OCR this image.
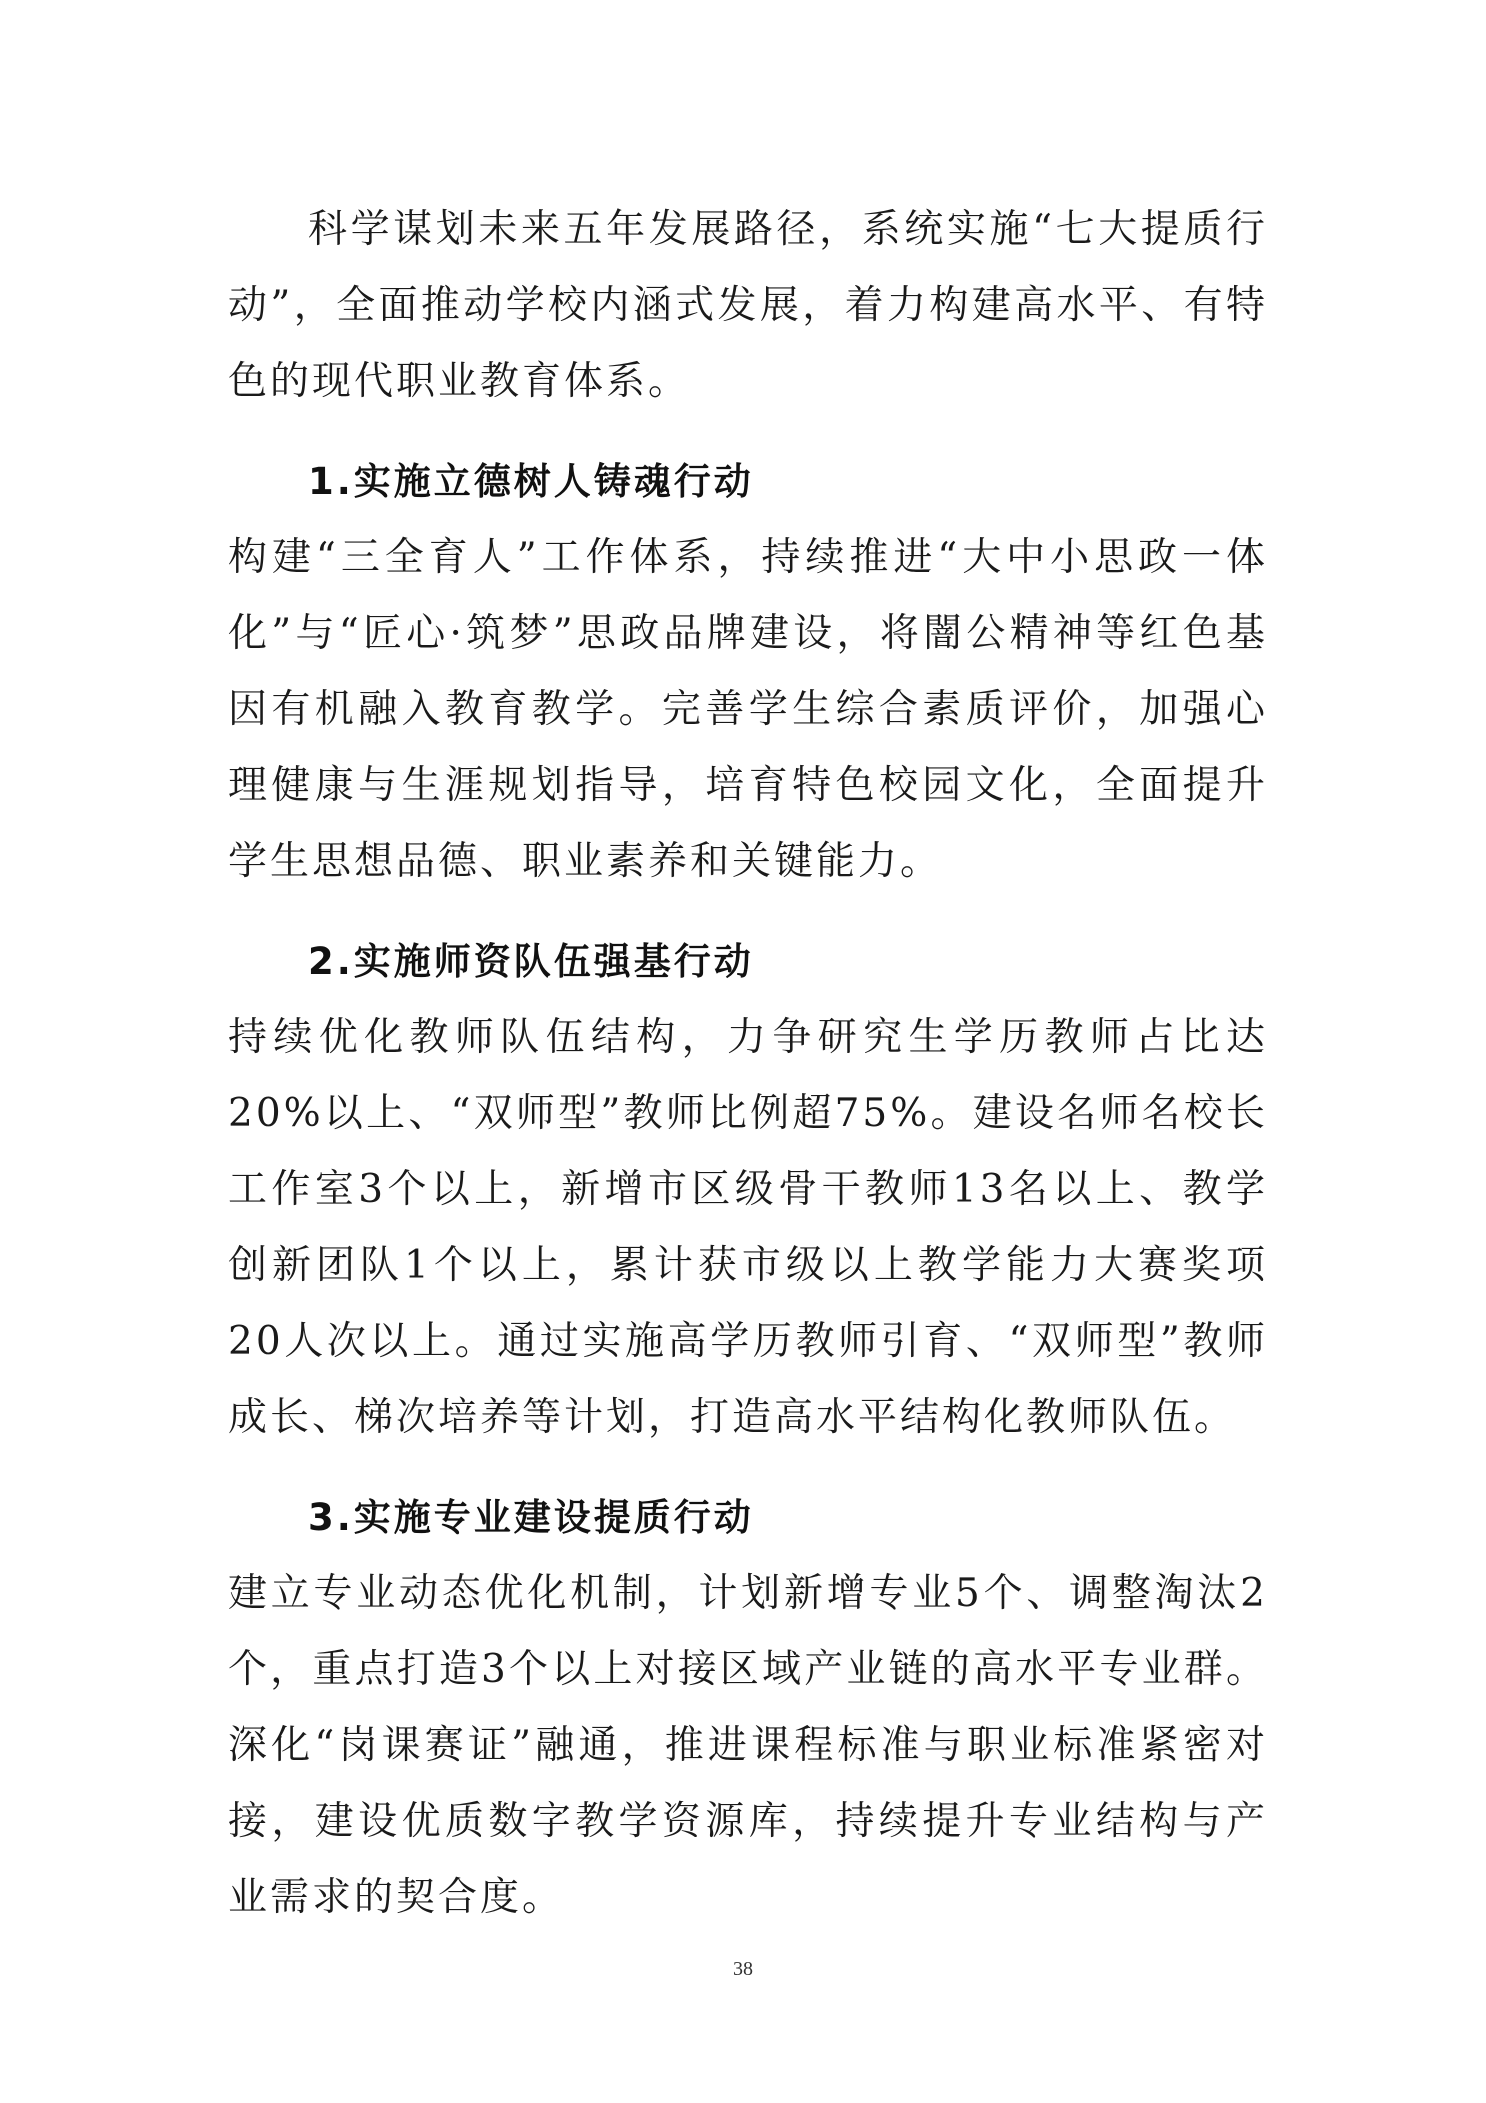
科学谋划未来五年发展路径，系统实施“七大提质行动”，全面推动学校内涵式发展，着力构建高水平、有特色的现代职业教育体系。

1.实施立德树人铸魂行动

构建“三全育人”工作体系，持续推进“大中小思政一体化”与“匠心·筑梦”思政品牌建设，将闇公精神等红色基因有机融入教育教学。完善学生综合素质评价，加强心理健康与生涯规划指导，培育特色校园文化，全面提升学生思想品德、职业素养和关键能力。

2.实施师资队伍强基行动

持续优化教师队伍结构，力争研究生学历教师占比达20%以上、“双师型”教师比例超75%。建设名师名校长工作室3个以上，新增市区级骨干教师13名以上、教学创新团队1个以上，累计获市级以上教学能力大赛奖项20人次以上。通过实施高学历教师引育、“双师型”教师成长、梯次培养等计划，打造高水平结构化教师队伍。

3.实施专业建设提质行动

建立专业动态优化机制，计划新增专业5个、调整淘汰2个，重点打造3个以上对接区域产业链的高水平专业群。深化“岗课赛证”融通，推进课程标准与职业标准紧密对接，建设优质数字教学资源库，持续提升专业结构与产业需求的契合度。

38
